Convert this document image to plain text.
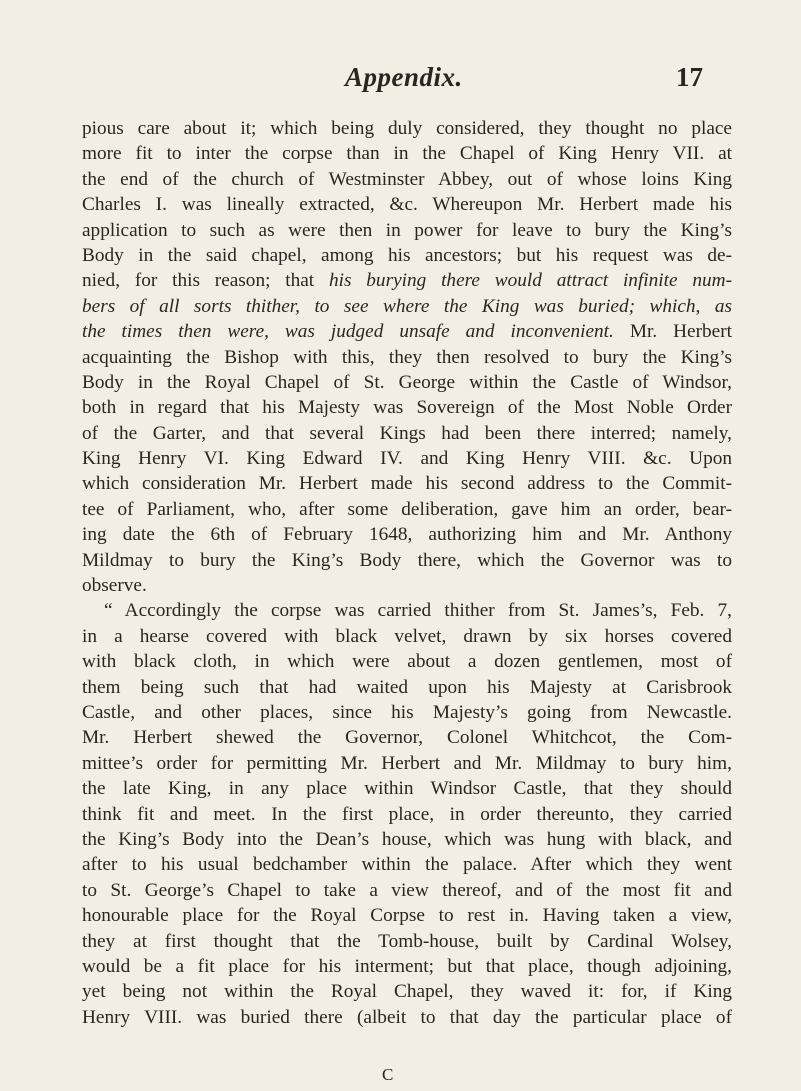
Appendix.	17
pious care about it; which being duly considered, they thought no place
more fit to inter the corpse than in the Chapel of King Henry VII. at
the end of the church of Westminster Abbey, out of whose loins King
Charles I. was lineally extracted, &c. Whereupon Mr. Herbert made his
application to such as were then in power for leave to bury the King’s
Body in the said chapel, among his ancestors; but his request was de-
nied, for this reason; that his burying there would attract infinite num-
bers of all sorts thither, to see where the King was buried; which, as
the times then were, was judged unsafe and inconvenient. Mr. Herbert
acquainting the Bishop with this, they then resolved to bury the King’s
Body in the Royal Chapel of St. George within the Castle of Windsor,
both in regard that his Majesty was Sovereign of the Most Noble Order
of the Garter, and that several Kings had been there interred; namely,
King Henry VI. King Edward IV. and King Henry VIII. &c. Upon
which consideration Mr. Herbert made his second address to the Commit-
tee of Parliament, who, after some deliberation, gave him an order, bear-
ing date the 6th of February 1648, authorizing him and Mr. Anthony
Mildmay to bury the King’s Body there, which the Governor was to
observe.
“ Accordingly the corpse was carried thither from St. James’s, Feb. 7,
in a hearse covered with black velvet, drawn by six horses covered
with black cloth, in which were about a dozen gentlemen, most of
them being such that had waited upon his Majesty at Carisbrook
Castle, and other places, since his Majesty’s going from Newcastle.
Mr. Herbert shewed the Governor, Colonel Whitchcot, the Com-
mittee’s order for permitting Mr. Herbert and Mr. Mildmay to bury him,
the late King, in any place within Windsor Castle, that they should
think fit and meet. In the first place, in order thereunto, they carried
the King’s Body into the Dean’s house, which was hung with black, and
after to his usual bedchamber within the palace. After which they went
to St. George’s Chapel to take a view thereof, and of the most fit and
honourable place for the Royal Corpse to rest in. Having taken a view,
they at first thought that the Tomb-house, built by Cardinal Wolsey,
would be a fit place for his interment; but that place, though adjoining,
yet being not within the Royal Chapel, they waved it: for, if King
Henry VIII. was buried there (albeit to that day the particular place of
C
